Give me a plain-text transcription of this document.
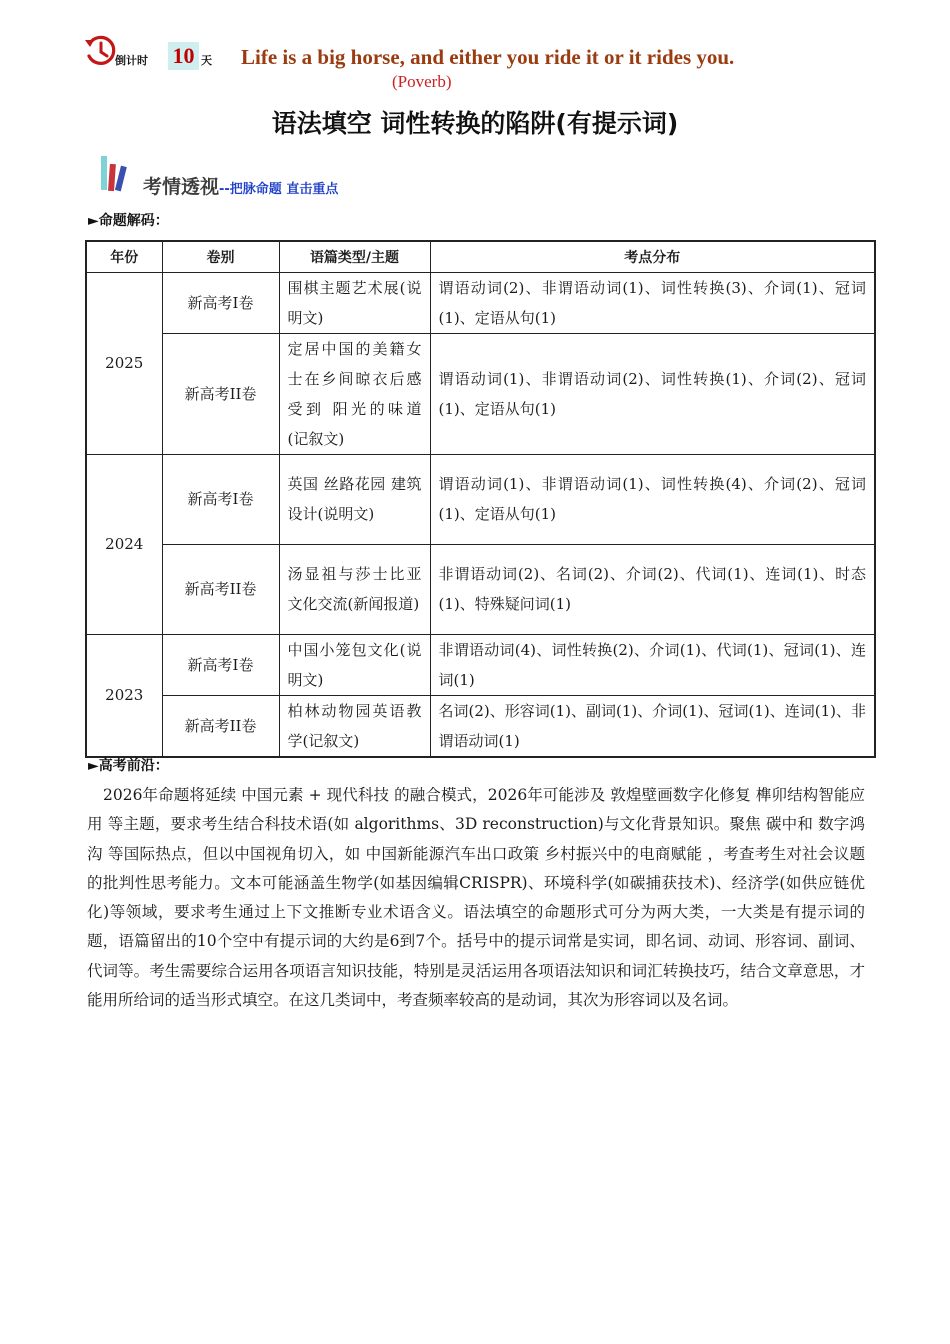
倒计时 10 天 Life is a big horse, and either you ride it or it rides you.
(Poverb)
语法填空 词性转换的陷阱(有提示词)
考情透视--把脉命题 直击重点
►命题解码：
年份	卷别	语篇类型/主题	考点分布
2025	新高考I卷	围棋主题艺术展(说明文)	谓语动词(2)、非谓语动词(1)、词性转换(3)、介词(1)、冠词(1)、定语从句(1)
	新高考II卷	定居中国的美籍女士在乡间晾衣后感受到 阳光的味道 (记叙文)	谓语动词(1)、非谓语动词(2)、词性转换(1)、介词(2)、冠词(1)、定语从句(1)
2024	新高考I卷	英国 丝路花园 建筑设计(说明文)	谓语动词(1)、非谓语动词(1)、词性转换(4)、介词(2)、冠词(1)、定语从句(1)
	新高考II卷	汤显祖与莎士比亚文化交流(新闻报道)	非谓语动词(2)、名词(2)、介词(2)、代词(1)、连词(1)、时态(1)、特殊疑问词(1)
2023	新高考I卷	中国小笼包文化(说明文)	非谓语动词(4)、词性转换(2)、介词(1)、代词(1)、冠词(1)、连词(1)
	新高考II卷	柏林动物园英语教学(记叙文)	名词(2)、形容词(1)、副词(1)、介词(1)、冠词(1)、连词(1)、非谓语动词(1)
►高考前沿：
2026年命题将延续 中国元素 + 现代科技 的融合模式，2026年可能涉及 敦煌壁画数字化修复 榫卯结构智能应用 等主题，要求考生结合科技术语(如 algorithms、3D reconstruction)与文化背景知识。聚焦 碳中和 数字鸿沟 等国际热点，但以中国视角切入，如 中国新能源汽车出口政策 乡村振兴中的电商赋能 ，考查考生对社会议题的批判性思考能力。文本可能涵盖生物学(如基因编辑CRISPR)、环境科学(如碳捕获技术)、经济学(如供应链优化)等领域，要求考生通过上下文推断专业术语含义。语法填空的命题形式可分为两大类，一大类是有提示词的题，语篇留出的10个空中有提示词的大约是6到7个。括号中的提示词常是实词，即名词、动词、形容词、副词、代词等。考生需要综合运用各项语言知识技能，特别是灵活运用各项语法知识和词汇转换技巧，结合文章意思，才能用所给词的适当形式填空。在这几类词中，考查频率较高的是动词，其次为形容词以及名词。
